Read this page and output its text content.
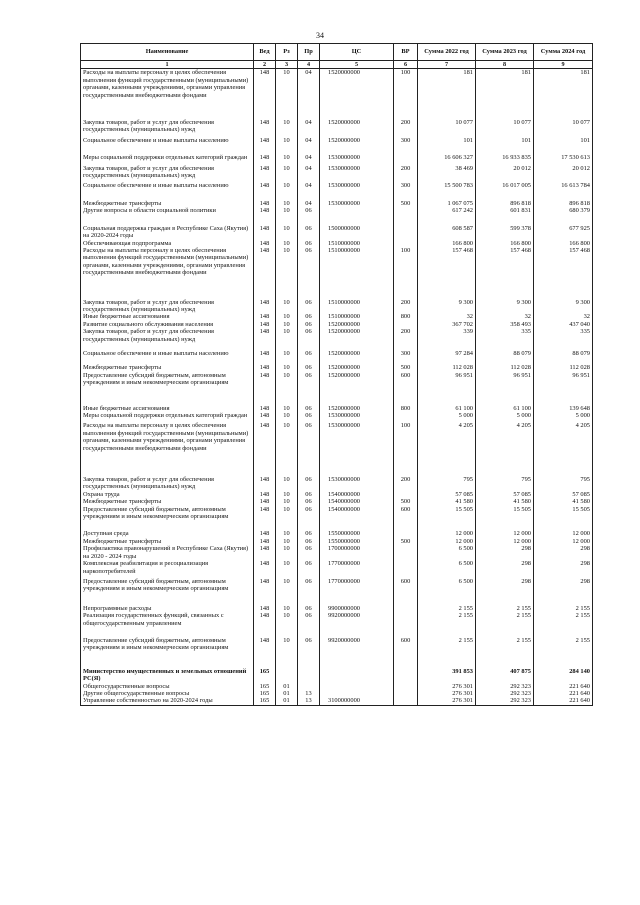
34
Наименование	Вед	Рз	Пр	ЦС	ВР	Сумма 2022 год	Сумма 2023 год	Сумма 2024 год
1	2	3	4	5	6	7	8	9
Расходы на выплаты персоналу в целях обеспечения выполнения функций государственными (муниципальными) органами, казенными учреждениями, органами управления государственными внебюджетными фондами	148	10	04	1520000000	100	181	181	181
Закупка товаров, работ и услуг для обеспечения государственных (муниципальных) нужд	148	10	04	1520000000	200	10 077	10 077	10 077
Социальное обеспечение и иные выплаты населению	148	10	04	1520000000	300	101	101	101
Меры социальной поддержки отдельных категорий граждан	148	10	04	1530000000		16 606 327	16 933 835	17 530 613
Закупка товаров, работ и услуг для обеспечения государственных (муниципальных) нужд	148	10	04	1530000000	200	38 469	20 012	20 012
Социальное обеспечение и иные выплаты населению	148	10	04	1530000000	300	15 500 783	16 017 005	16 613 784
Межбюджетные трансферты	148	10	04	1530000000	500	1 067 075	896 818	896 818
Другие вопросы в области социальной политики	148	10	06			617 242	601 831	680 379
Социальная поддержка граждан в Республике Саха (Якутия) на 2020-2024 годы	148	10	06	1500000000		608 587	599 378	677 925
Обеспечивающая подпрограмма	148	10	06	1510000000		166 800	166 800	166 800
Расходы на выплаты персоналу в целях обеспечения выполнения функций государственными (муниципальными) органами, казенными учреждениями, органами управления государственными внебюджетными фондами	148	10	06	1510000000	100	157 468	157 468	157 468
Закупка товаров, работ и услуг для обеспечения государственных (муниципальных) нужд	148	10	06	1510000000	200	9 300	9 300	9 300
Иные бюджетные ассигнования	148	10	06	1510000000	800	32	32	32
Развитие социального обслуживания населения	148	10	06	1520000000		367 702	358 493	437 040
Закупка товаров, работ и услуг для обеспечения государственных (муниципальных) нужд	148	10	06	1520000000	200	339	335	335
Социальное обеспечение и иные выплаты населению	148	10	06	1520000000	300	97 284	88 079	88 079
Межбюджетные трансферты	148	10	06	1520000000	500	112 028	112 028	112 028
Предоставление субсидий бюджетным, автономным учреждениям и иным некоммерческим организациям	148	10	06	1520000000	600	96 951	96 951	96 951
Иные бюджетные ассигнования	148	10	06	1520000000	800	61 100	61 100	139 648
Меры социальной поддержки отдельных категорий граждан	148	10	06	1530000000		5 000	5 000	5 000
Расходы на выплаты персоналу в целях обеспечения выполнения функций государственными (муниципальными) органами, казенными учреждениями, органами управления государственными внебюджетными фондами	148	10	06	1530000000	100	4 205	4 205	4 205
Закупка товаров, работ и услуг для обеспечения государственных (муниципальных) нужд	148	10	06	1530000000	200	795	795	795
Охрана труда	148	10	06	1540000000		57 085	57 085	57 085
Межбюджетные трансферты	148	10	06	1540000000	500	41 580	41 580	41 580
Предоставление субсидий бюджетным, автономным учреждениям и иным некоммерческим организациям	148	10	06	1540000000	600	15 505	15 505	15 505
Доступная среда	148	10	06	1550000000		12 000	12 000	12 000
Межбюджетные трансферты	148	10	06	1550000000	500	12 000	12 000	12 000
Профилактика правонарушений в Республике Саха (Якутия) на 2020 - 2024 годы	148	10	06	1700000000		6 500	298	298
Комплексная реабилитация и ресоциализация наркопотребителей	148	10	06	1770000000		6 500	298	298
Предоставление субсидий бюджетным, автономным учреждениям и иным некоммерческим организациям	148	10	06	1770000000	600	6 500	298	298
Непрограммные расходы	148	10	06	9900000000		2 155	2 155	2 155
Реализация государственных функций, связанных с общегосударственным управлением	148	10	06	9920000000		2 155	2 155	2 155
Предоставление субсидий бюджетным, автономным учреждениям и иным некоммерческим организациям	148	10	06	9920000000	600	2 155	2 155	2 155
Министерство имущественных и земельных отношений РС(Я)	165					391 853	407 875	284 140
Общегосударственные вопросы	165	01				276 301	292 323	221 640
Другие общегосударственные вопросы	165	01	13			276 301	292 323	221 640
Управление собственностью на 2020-2024 годы	165	01	13	3100000000		276 301	292 323	221 640
